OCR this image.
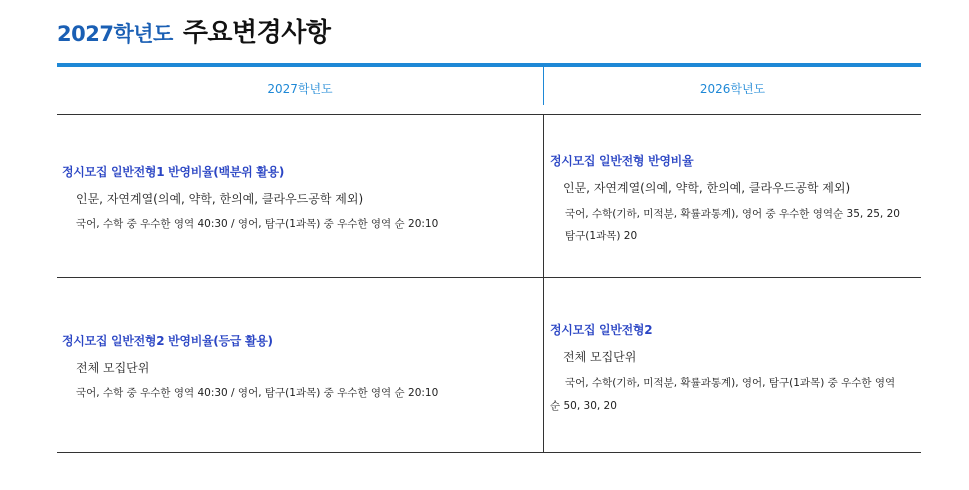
2027학년도 주요변경사항
2027학년도	2026학년도
정시모집 일반전형1 반영비율(백분위 활용)
인문, 자연계열(의예, 약학, 한의예, 클라우드공학 제외)
국어, 수학 중 우수한 영역 40:30 / 영어, 탐구(1과목) 중 우수한 영역 순 20:10
정시모집 일반전형 반영비율
인문, 자연계열(의예, 약학, 한의예, 클라우드공학 제외)
국어, 수학(기하, 미적분, 확률과통계), 영어 중 우수한 영역순 35, 25, 20
탐구(1과목) 20
정시모집 일반전형2 반영비율(등급 활용)
전체 모집단위
국어, 수학 중 우수한 영역 40:30 / 영어, 탐구(1과목) 중 우수한 영역 순 20:10
정시모집 일반전형2
전체 모집단위
국어, 수학(기하, 미적분, 확률과통계), 영어, 탐구(1과목) 중 우수한 영역
순 50, 30, 20
